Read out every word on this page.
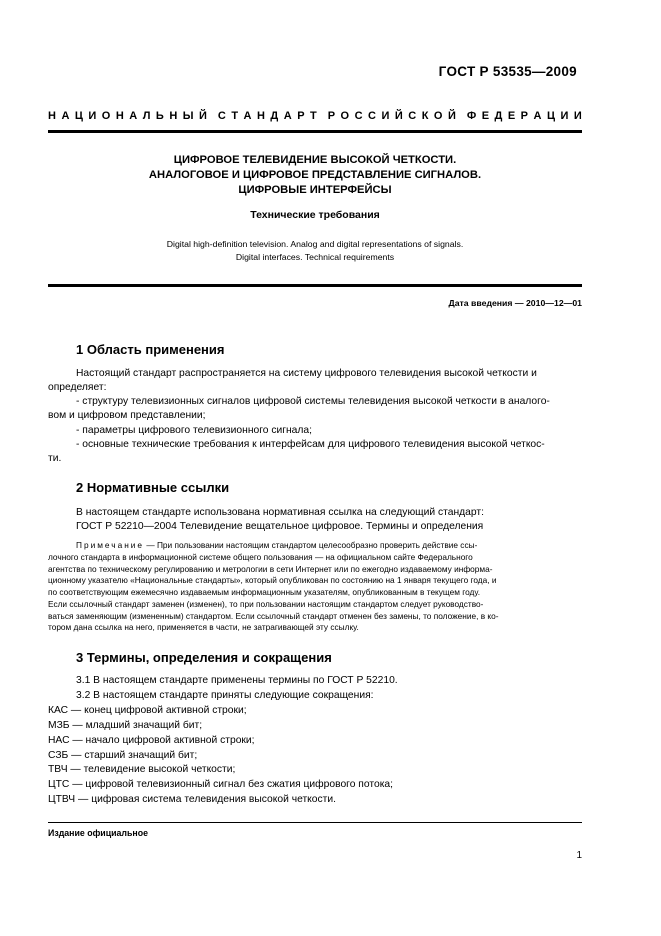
ГОСТ Р 53535—2009
Н А Ц И О Н А Л Ь Н Ы Й С Т А Н Д А Р Т Р О С С И Й С К О Й Ф Е Д Е Р А Ц И И
ЦИФРОВОЕ ТЕЛЕВИДЕНИЕ ВЫСОКОЙ ЧЕТКОСТИ.
АНАЛОГОВОЕ И ЦИФРОВОЕ ПРЕДСТАВЛЕНИЕ СИГНАЛОВ.
ЦИФРОВЫЕ ИНТЕРФЕЙСЫ
Технические требования
Digital high-definition television. Analog and digital representations of signals.
Digital interfaces. Technical requirements
Дата введения — 2010—12—01
1 Область применения
Настоящий стандарт распространяется на систему цифрового телевидения высокой четкости и
определяет:
- структуру телевизионных сигналов цифровой системы телевидения высокой четкости в аналого-
вом и цифровом представлении;
- параметры цифрового телевизионного сигнала;
- основные технические требования к интерфейсам для цифрового телевидения высокой четкос-
ти.
2 Нормативные ссылки
В настоящем стандарте использована нормативная ссылка на следующий стандарт:
ГОСТ Р 52210—2004 Телевидение вещательное цифровое. Термины и определения
Примечание — При пользовании настоящим стандартом целесообразно проверить действие ссы-
лочного стандарта в информационной системе общего пользования — на официальном сайте Федерального
агентства по техническому регулированию и метрологии в сети Интернет или по ежегодно издаваемому информа-
ционному указателю «Национальные стандарты», который опубликован по состоянию на 1 января текущего года, и
по соответствующим ежемесячно издаваемым информационным указателям, опубликованным в текущем году.
Если ссылочный стандарт заменен (изменен), то при пользовании настоящим стандартом следует руководство-
ваться заменяющим (измененным) стандартом. Если ссылочный стандарт отменен без замены, то положение, в ко-
тором дана ссылка на него, применяется в части, не затрагивающей эту ссылку.
3 Термины, определения и сокращения
3.1 В настоящем стандарте применены термины по ГОСТ Р 52210.
3.2 В настоящем стандарте приняты следующие сокращения:
КАС — конец цифровой активной строки;
МЗБ — младший значащий бит;
НАС — начало цифровой активной строки;
СЗБ — старший значащий бит;
ТВЧ — телевидение высокой четкости;
ЦТС — цифровой телевизионный сигнал без сжатия цифрового потока;
ЦТВЧ — цифровая система телевидения высокой четкости.
Издание официальное
1
